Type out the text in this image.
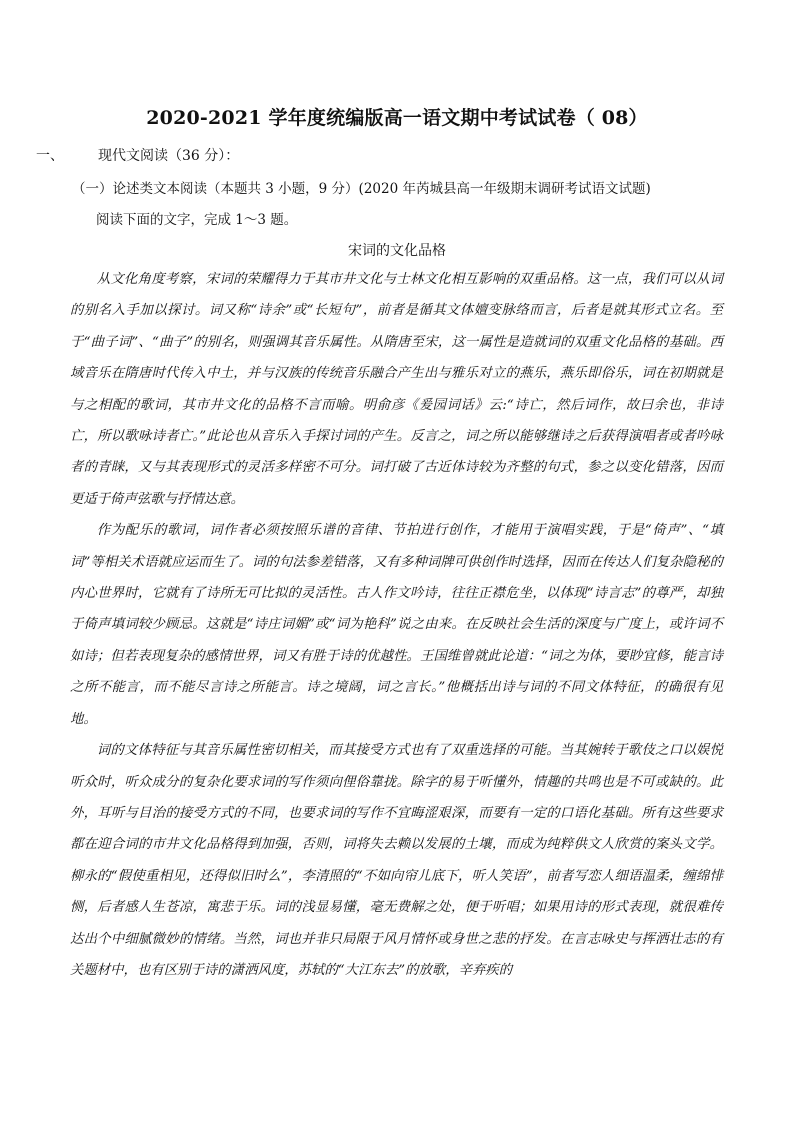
2020-2021 学年度统编版高一语文期中考试试卷（ 08）
一、 现代文阅读（36 分）：
（一）论述类文本阅读（本题共 3 小题，9 分）(2020 年芮城县高一年级期末调研考试语文试题)
阅读下面的文字，完成 1～3 题。
宋词的文化品格

从文化角度考察，宋词的荣耀得力于其市井文化与士林文化相互影响的双重品格。这一点，我们可以从词的别名入手加以探讨。词又称“诗余”或“长短句”，前者是循其文体嬗变脉络而言，后者是就其形式立名。至于“曲子词”、“曲子”的别名，则强调其音乐属性。从隋唐至宋，这一属性是造就词的双重文化品格的基础。西域音乐在隋唐时代传入中土，并与汉族的传统音乐融合产生出与雅乐对立的燕乐，燕乐即俗乐，词在初期就是与之相配的歌词，其市井文化的品格不言而喻。明俞彦《爰园词话》云:“诗亡，然后词作，故曰余也，非诗亡，所以歌咏诗者亡。”此论也从音乐入手探讨词的产生。反言之，词之所以能够继诗之后获得演唱者或者吟咏者的青睐，又与其表现形式的灵活多样密不可分。词打破了古近体诗较为齐整的句式，参之以变化错落，因而更适于倚声弦歌与抒情达意。

作为配乐的歌词，词作者必须按照乐谱的音律、节拍进行创作，才能用于演唱实践，于是“倚声”、“填词”等相关术语就应运而生了。词的句法参差错落，又有多种词牌可供创作时选择，因而在传达人们复杂隐秘的内心世界时，它就有了诗所无可比拟的灵活性。古人作文吟诗，往往正襟危坐，以体现“诗言志”的尊严，却独于倚声填词较少顾忌。这就是“诗庄词媚”或“词为艳科”说之由来。在反映社会生活的深度与广度上，或许词不如诗；但若表现复杂的感情世界，词又有胜于诗的优越性。王国维曾就此论道：“词之为体，要眇宜修，能言诗之所不能言，而不能尽言诗之所能言。诗之境阔，词之言长。”他概括出诗与词的不同文体特征，的确很有见地。

词的文体特征与其音乐属性密切相关，而其接受方式也有了双重选择的可能。当其婉转于歌伎之口以娱悦听众时，听众成分的复杂化要求词的写作须向俚俗靠拢。除字的易于听懂外，情趣的共鸣也是不可或缺的。此外，耳听与目治的接受方式的不同，也要求词的写作不宜晦涩艰深，而要有一定的口语化基础。所有这些要求都在迎合词的市井文化品格得到加强，否则，词将失去赖以发展的土壤，而成为纯粹供文人欣赏的案头文学。柳永的“假使重相见，还得似旧时么”，李清照的“不如向帘儿底下，听人笑语”，前者写恋人细语温柔，缠绵悱恻，后者感人生苍凉，寓悲于乐。词的浅显易懂，毫无费解之处，便于听唱；如果用诗的形式表现，就很难传达出个中细腻微妙的情绪。当然，词也并非只局限于风月情怀或身世之悲的抒发。在言志咏史与挥洒壮志的有关题材中，也有区别于诗的潇洒风度，苏轼的“大江东去”的放歌，辛弃疾的
